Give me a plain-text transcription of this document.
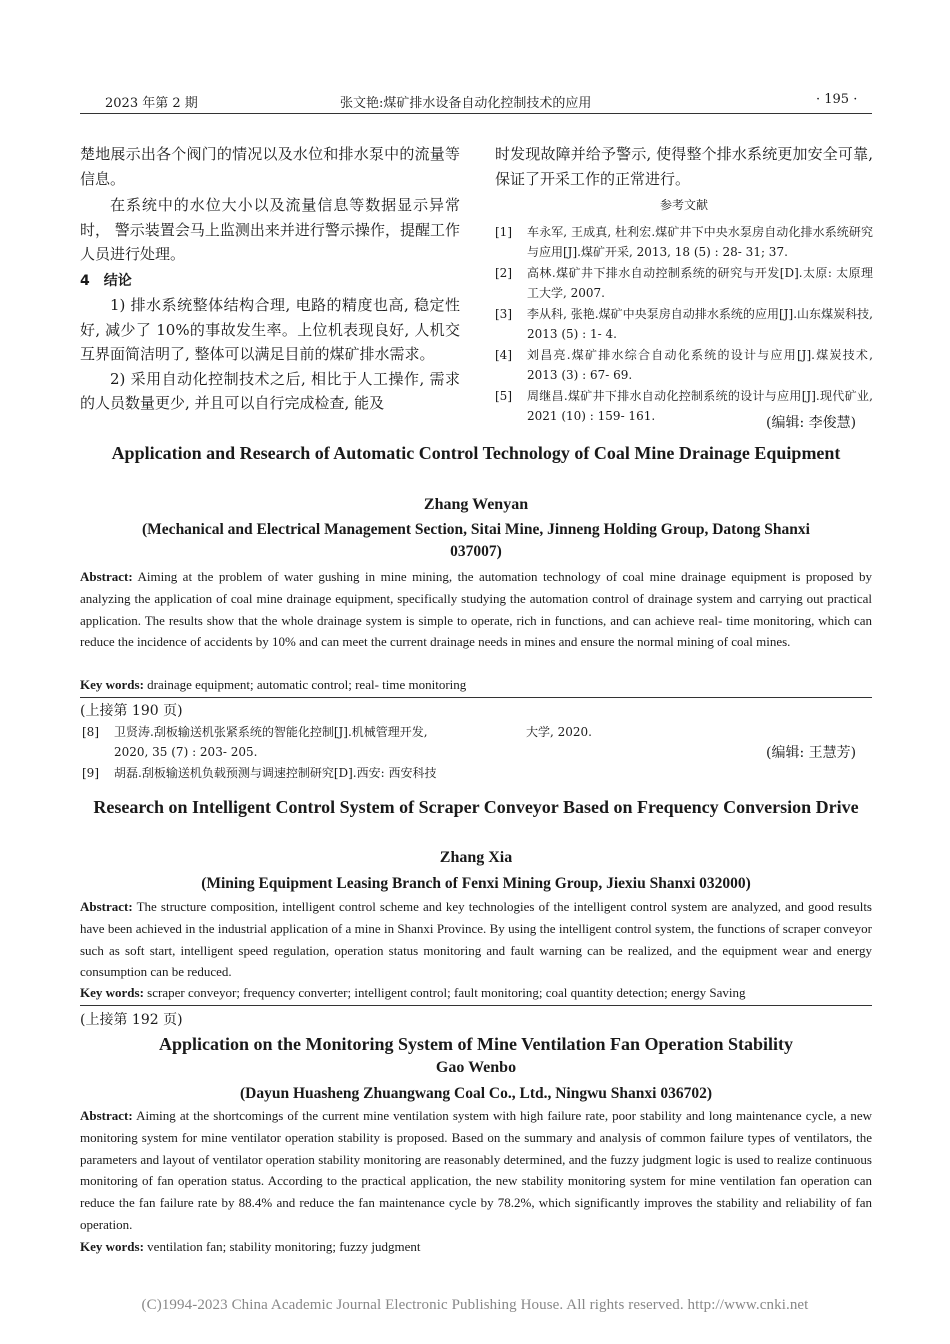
2023 年第 2 期	张文艳:煤矿排水设备自动化控制技术的应用	· 195 ·

楚地展示出各个阀门的情况以及水位和排水泵中的流量等信息。

在系统中的水位大小以及流量信息等数据显示异常时， 警示装置会马上监测出来并进行警示操作，提醒工作人员进行处理。

4　结论

1) 排水系统整体结构合理, 电路的精度也高, 稳定性好, 减少了 10%的事故发生率。上位机表现良好, 人机交互界面简洁明了, 整体可以满足目前的煤矿排水需求。

2) 采用自动化控制技术之后, 相比于人工操作, 需求的人员数量更少, 并且可以自行完成检查, 能及

时发现故障并给予警示, 使得整个排水系统更加安全可靠, 保证了开采工作的正常进行。

参考文献
[1] 车永军, 王成真, 杜利宏.煤矿井下中央水泵房自动化排水系统研究与应用[J].煤矿开采, 2013, 18 (5) : 28- 31; 37.
[2] 高林.煤矿井下排水自动控制系统的研究与开发[D].太原: 太原理工大学, 2007.
[3] 李从科, 张艳.煤矿中央泵房自动排水系统的应用[J].山东煤炭科技, 2013 (5) : 1- 4.
[4] 刘昌亮.煤矿排水综合自动化系统的设计与应用[J].煤炭技术, 2013 (3) : 67- 69.
[5] 周继昌.煤矿井下排水自动化控制系统的设计与应用[J].现代矿业, 2021 (10) : 159- 161.	(编辑: 李俊慧)
Application and Research of Automatic Control Technology of Coal Mine Drainage Equipment
Zhang Wenyan
(Mechanical and Electrical Management Section, Sitai Mine, Jinneng Holding Group, Datong Shanxi 037007)
Abstract: Aiming at the problem of water gushing in mine mining, the automation technology of coal mine drainage equipment is proposed by analyzing the application of coal mine drainage equipment, specifically studying the automation control of drainage system and carrying out practical application. The results show that the whole drainage system is simple to operate, rich in functions, and can achieve real- time monitoring, which can reduce the incidence of accidents by 10% and can meet the current drainage needs in mines and ensure the normal mining of coal mines.
Key words: drainage equipment; automatic control; real- time monitoring
(上接第 190 页)
[8] 卫贤涛.刮板输送机张紧系统的智能化控制[J].机械管理开发,
2020, 35 (7) : 203- 205.
[9] 胡磊.刮板输送机负载预测与调速控制研究[D].西安: 西安科技
大学, 2020.
(编辑: 王慧芳)
Research on Intelligent Control System of Scraper Conveyor Based on Frequency Conversion Drive
Zhang Xia
(Mining Equipment Leasing Branch of Fenxi Mining Group, Jiexiu Shanxi 032000)
Abstract: The structure composition, intelligent control scheme and key technologies of the intelligent control system are analyzed, and good results have been achieved in the industrial application of a mine in Shanxi Province. By using the intelligent control system, the functions of scraper conveyor such as soft start, intelligent speed regulation, operation status monitoring and fault warning can be realized, and the equipment wear and energy consumption can be reduced.
Key words: scraper conveyor; frequency converter; intelligent control; fault monitoring; coal quantity detection; energy Saving
(上接第 192 页)
Application on the Monitoring System of Mine Ventilation Fan Operation Stability
Gao Wenbo
(Dayun Huasheng Zhuangwang Coal Co., Ltd., Ningwu Shanxi 036702)
Abstract: Aiming at the shortcomings of the current mine ventilation system with high failure rate, poor stability and long maintenance cycle, a new monitoring system for mine ventilator operation stability is proposed. Based on the summary and analysis of common failure types of ventilators, the parameters and layout of ventilator operation stability monitoring are reasonably determined, and the fuzzy judgment logic is used to realize continuous monitoring of fan operation status. According to the practical application, the new stability monitoring system for mine ventilation fan operation can reduce the fan failure rate by 88.4% and reduce the fan maintenance cycle by 78.2%, which significantly improves the stability and reliability of fan operation.
Key words: ventilation fan; stability monitoring; fuzzy judgment
(C)1994-2023 China Academic Journal Electronic Publishing House. All rights reserved. http://www.cnki.net
